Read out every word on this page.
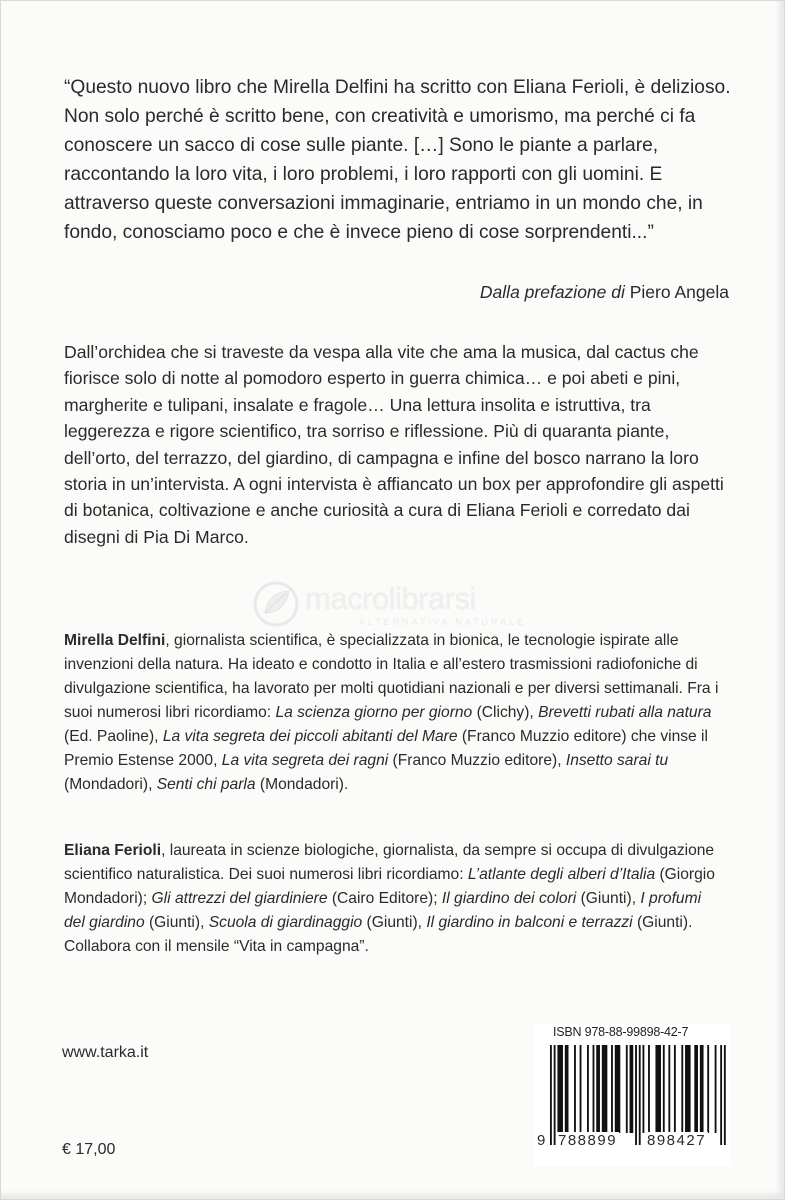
“Questo nuovo libro che Mirella Delfini ha scritto con Eliana Ferioli, è delizioso. Non solo perché è scritto bene, con creatività e umorismo, ma perché ci fa conoscere un sacco di cose sulle piante. […] Sono le piante a parlare, raccontando la loro vita, i loro problemi, i loro rapporti con gli uomini. E attraverso queste conversazioni immaginarie, entriamo in un mondo che, in fondo, conosciamo poco e che è invece pieno di cose sorprendenti...”

Dalla prefazione di Piero Angela

Dall’orchidea che si traveste da vespa alla vite che ama la musica, dal cactus che fiorisce solo di notte al pomodoro esperto in guerra chimica… e poi abeti e pini, margherite e tulipani, insalate e fragole… Una lettura insolita e istruttiva, tra leggerezza e rigore scientifico, tra sorriso e riflessione. Più di quaranta piante, dell’orto, del terrazzo, del giardino, di campagna e infine del bosco narrano la loro storia in un’intervista. A ogni intervista è affiancato un box per approfondire gli aspetti di botanica, coltivazione e anche curiosità a cura di Eliana Ferioli e corredato dai disegni di Pia Di Marco.

macrolibrarsi
ALTERNATIVA NATURALE

Mirella Delfini, giornalista scientifica, è specializzata in bionica, le tecnologie ispirate alle invenzioni della natura. Ha ideato e condotto in Italia e all’estero trasmissioni radiofoniche di divulgazione scientifica, ha lavorato per molti quotidiani nazionali e per diversi settimanali. Fra i suoi numerosi libri ricordiamo: La scienza giorno per giorno (Clichy), Brevetti rubati alla natura (Ed. Paoline), La vita segreta dei piccoli abitanti del Mare (Franco Muzzio editore) che vinse il Premio Estense 2000, La vita segreta dei ragni (Franco Muzzio editore), Insetto sarai tu (Mondadori), Senti chi parla (Mondadori).

Eliana Ferioli, laureata in scienze biologiche, giornalista, da sempre si occupa di divulgazione scientifico naturalistica. Dei suoi numerosi libri ricordiamo: L’atlante degli alberi d’Italia (Giorgio Mondadori); Gli attrezzi del giardiniere (Cairo Editore); Il giardino dei colori (Giunti), I profumi del giardino (Giunti), Scuola di giardinaggio (Giunti), Il giardino in balconi e terrazzi (Giunti). Collabora con il mensile “Vita in campagna”.

www.tarka.it

€ 17,00

ISBN 978-88-99898-42-7
9 788899 898427
